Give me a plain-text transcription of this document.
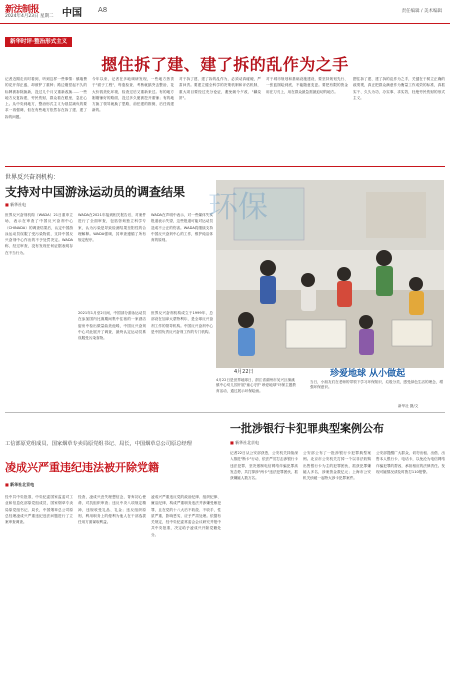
新法制报
2024年4月23日 星期二 中国 A8	责任编辑 / 美术编辑
新华时评·整治形式主义
摁住拆了建、建了拆的乱作为之手
记者近期走访时看到，听到这样一些事情：镇墙费的花开得正盛，却被铲了重种；路边刚竖起不久的标牌被拆除换新，没过几个月又重新改换……一些地方反复拆建，劳民伤财，群众看在眼里，急在心上。从中央到地方，整治形式主义为基层减负的要求一再强调，但在有些地方依然存在拆了建、建了拆的问题。
今年以来，记者在多地调研发现，一些地方热衷于"面子工程"，每逢检查、考核就搞突击整治，花大价钱美化环境，检查过后又重新来过。有的地方刚刚铺好的路面，没过多久便被挖开重铺；有的地方换了领导就换了思路，前任建的推倒，后任再建新的。
对于拆了建、建了拆的乱作为，必须动真碰硬，严肃问责。要建立健全科学的决策机制和评估机制，重大项目要经过充分论证，避免朝令夕改、"翻烧饼"。
对于城市规划和基础设施建设，要坚持规划先行、一张蓝图绘到底，不能随意变更。要把有限的资金用在刀刃上，用在群众最急需最迫切的地方。
摁住拆了建、建了拆的乱作为之手，关键在于树立正确的政绩观，真正把群众满意作为衡量工作成效的标准，真抓实干、久久为功，办实事、求实效，杜绝劳民伤财的形式主义。
世界反兴奋剂机构：
支持对中国游泳运动员的调查结果
■ 新华社电
世界反兴奋剂机构（WADA）21日重申立场，表示在审查了中国反兴奋剂中心（CHINADA）的调查结果后，认定中国游泳运动员误服了受污染物质，支持中国反兴奋剂中心作出的不予处罚决定。WADA称，经过审查，没有发现任何证据表明存在不当行为。
WADA在2021年接到相关报告后，对案件进行了全面审查，包括咨询独立科学专家，认为污染是导致检测结果呈阳性的合理解释。WADA强调，其审查遵循了所有规定程序。
2021年1月至2月间，中国部分游泳运动员在参加国内比赛期间集中住宿的一家酒店厨房中检出微量曲美他嗪，中国反兴奋剂中心对此展开了调查，最终认定运动员系误服受污染食物。
WADA在声明中表示，对一些媒体失实报道表示失望，这些报道可能对运动员造成不公正的伤害。WADA将继续支持中国反兴奋剂中心的工作，维护纯洁体育的原则。
世界反兴奋剂机构成立于1999年，总部设在加拿大蒙特利尔，是全球反兴奋剂工作的领导机构。中国反兴奋剂中心是中国负责反兴奋剂工作的专门机构。
环保
4月22日
4月22日是世界地球日，浙江省湖州市吴兴区埭溪镇中心幼儿园开展"童心守护 珍爱地球"环保主题教育活动，通过展示环保绘画。
珍爱地球 从小做起
当日，小朋友们在老师的带领下学习环保知识，垃圾分类，感受绿色生活的理念，增强环保意识。
新华社 摄/文
一批涉银行卡犯罪典型案例公布
■ 新华社北京电
记者22日从公安部获悉，公安机关持续深入推进"断卡"行动，依法严厉打击涉银行卡违法犯罪，坚决遏制电信网络诈骗犯罪高发态势，共打掉涉"两卡"违法犯罪团伙，抓获嫌疑人数万名。
公安部公布了一批涉银行卡犯罪典型案例。北京市公安机关打掉一个以非法收购出售银行卡为主的犯罪团伙，抓获犯罪嫌疑人多名，涉案资金数亿元；上海市公安机关侦破一起特大涉卡犯罪案件。
公安部提醒广大群众，切勿出租、出借、出售本人银行卡、电话卡，以免沦为电信网络诈骗犯罪的帮凶，承担相应的法律责任。发现可疑情况请及时拨打110报警。
工信部原党组成员、国家烟草专卖局原党组书记、局长，中国烟草总公司原总经理
凌成兴严重违纪违法被开除党籍
■ 新华社北京电
经中共中央批准，中央纪委国家监委对工业和信息化部原党组成员，国家烟草专卖局原党组书记、局长，中国烟草总公司原总经理凌成兴严重违纪违法问题进行了立案审查调查。
经查，凌成兴丧失理想信念，背弃初心使命，对抗组织审查；违反中央八项规定精神，违规收受礼品、礼金；违反组织原则，利用职务上的便利为他人在干部选拔任用方面谋取利益。
凌成兴严重违反党的政治纪律、组织纪律、廉洁纪律，构成严重职务违法并涉嫌受贿犯罪，且在党的十八大后不收敛、不收手，性质严重，影响恶劣，应予严肃处理。依据有关规定，经中央纪委常委会会议研究并报中共中央批准，决定给予凌成兴开除党籍处分。
